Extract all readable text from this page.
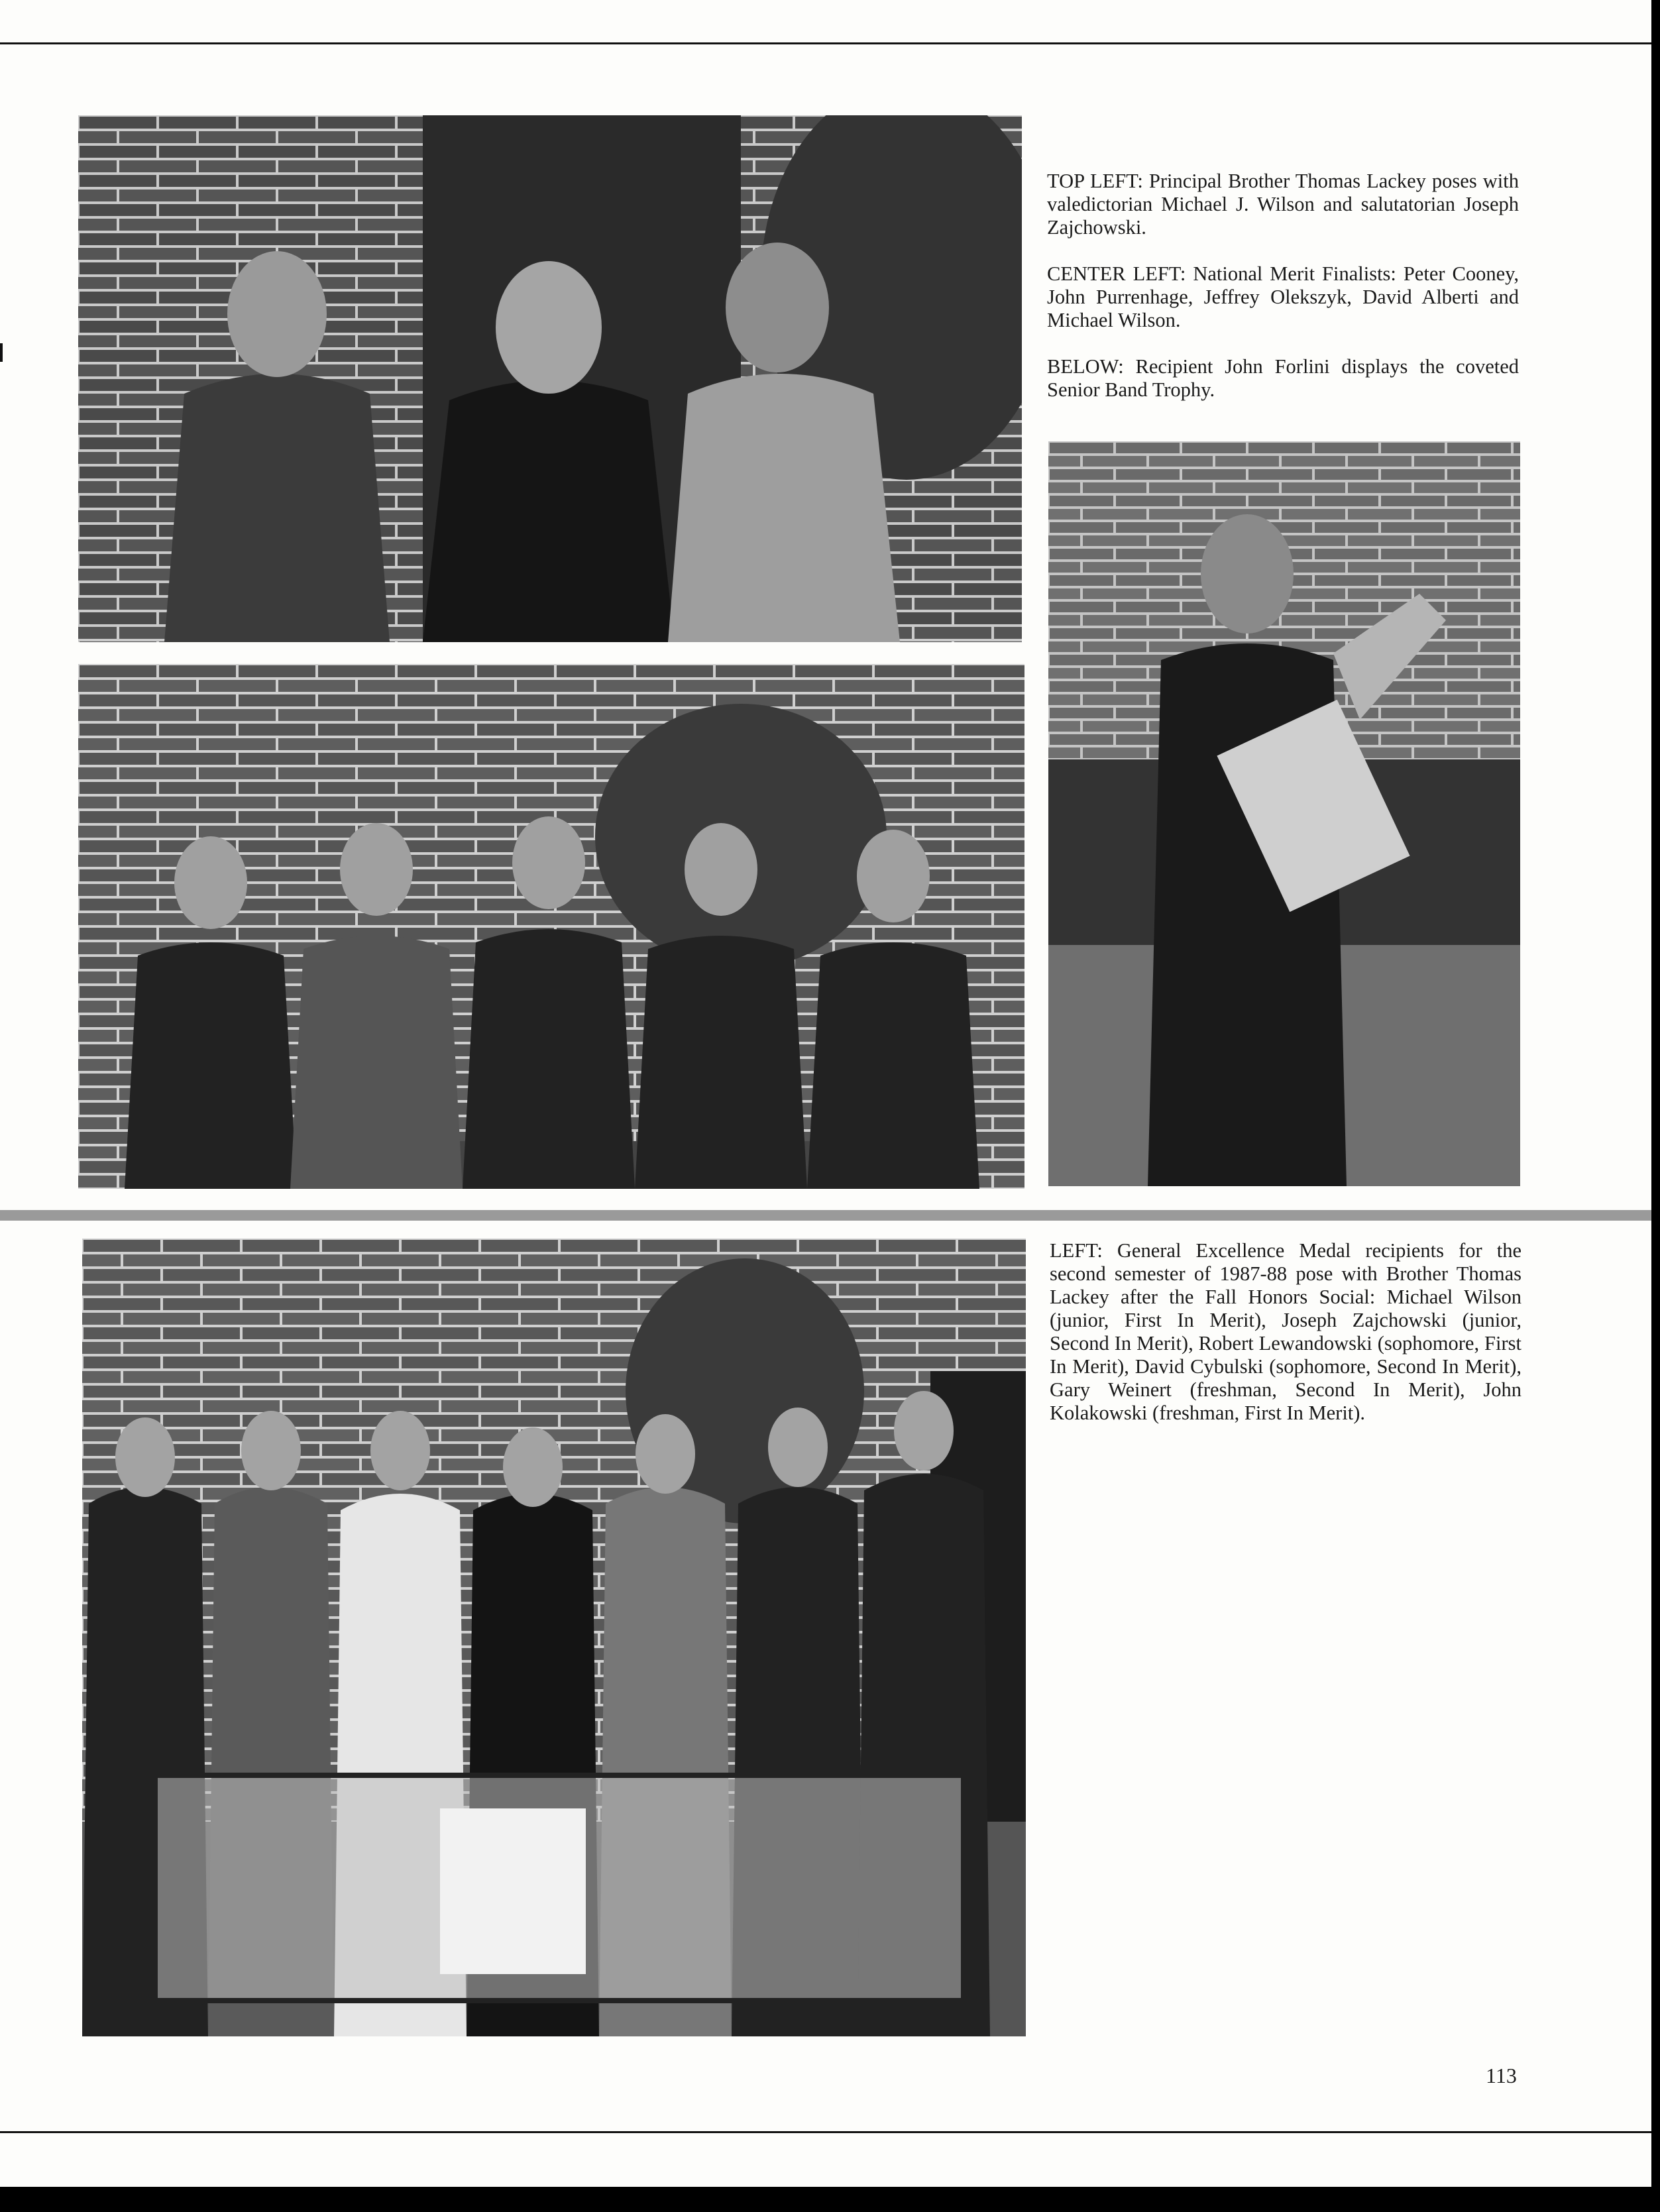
TOP LEFT: Principal Brother Thomas Lackey poses with valedictorian Michael J. Wilson and salutatorian Joseph Zajchowski.

CENTER LEFT: National Merit Finalists: Peter Cooney, John Purrenhage, Jeffrey Olekszyk, David Alberti and Michael Wilson.

BELOW: Recipient John Forlini displays the coveted Senior Band Trophy.

LEFT: General Excellence Medal recipients for the second semester of 1987-88 pose with Brother Thomas Lackey after the Fall Honors Social: Michael Wilson (junior, First In Merit), Joseph Zajchowski (junior, Second In Merit), Robert Lewandowski (sophomore, First In Merit), David Cybulski (sophomore, Second In Merit), Gary Weinert (freshman, Second In Merit), John Kolakowski (freshman, First In Merit).

113
